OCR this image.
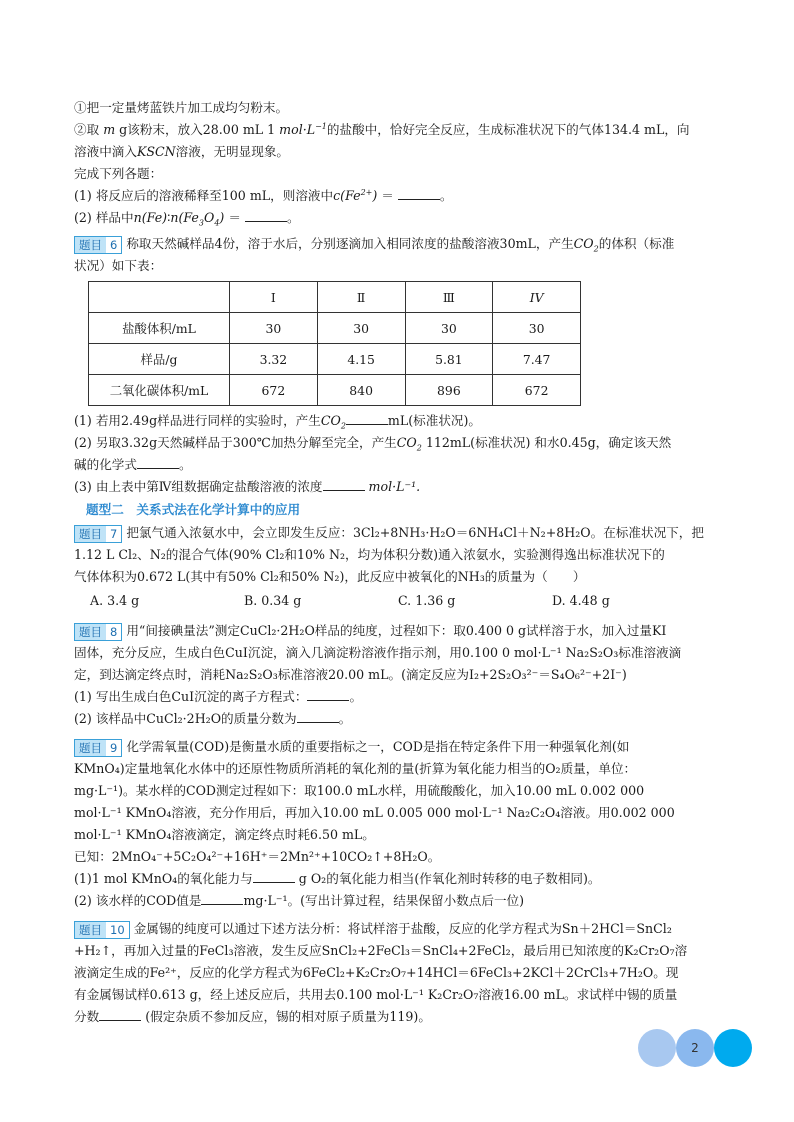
①把一定量烤蓝铁片加工成均匀粉末。

②取 m g该粉末，放入28.00 mL 1 $mol\cdot L^{-1}$的盐酸中，恰好完全反应，生成标准状况下的气体134.4 mL，向

溶液中滴入KSCN溶液，无明显现象。

完成下列各题：

(1) 将反应后的溶液稀释至100 mL，则溶液中$c(Fe^{2+})$ ＝	。

(2) 样品中$n(Fe)∶n(Fe_3O_4)$ ＝	。

题目 6 称取天然碱样品4份，溶于水后，分别逐滴加入相同浓度的盐酸溶液30mL，产生$CO_2$的体积（标准

状况）如下表：

	Ⅰ	Ⅱ	Ⅲ	IV
盐酸体积/mL	30	30	30	30
样品/g	3.32	4.15	5.81	7.47
二氧化碳体积/mL	672	840	896	672

(1) 若用2.49g样品进行同样的实验时，产生$CO_2$	mL(标准状况)。

(2) 另取3.32g天然碱样品于300℃加热分解至完全，产生$CO_2$ 112mL(标准状况) 和水0.45g，确定该天然

碱的化学式	。

(3) 由上表中第Ⅳ组数据确定盐酸溶液的浓度	mol·L⁻¹.

题型二　关系式法在化学计算中的应用

题目 7 把氯气通入浓氨水中，会立即发生反应：3Cl₂+8NH₃·H₂O＝6NH₄Cl＋N₂+8H₂O。在标准状况下，把

1.12 L Cl₂、N₂的混合气体(90% Cl₂和10% N₂，均为体积分数)通入浓氨水，实验测得逸出标准状况下的

气体体积为0.672 L(其中有50% Cl₂和50% N₂)，此反应中被氧化的NH₃的质量为（　　）

A. 3.4 g	B. 0.34 g	C. 1.36 g	D. 4.48 g

题目 8 用“间接碘量法”测定CuCl₂·2H₂O样品的纯度，过程如下：取0.400 0 g试样溶于水，加入过量KI

固体，充分反应，生成白色CuI沉淀，滴入几滴淀粉溶液作指示剂，用0.100 0 mol·L⁻¹ Na₂S₂O₃标准溶液滴

定，到达滴定终点时，消耗Na₂S₂O₃标准溶液20.00 mL。(滴定反应为I₂+2S₂O₃²⁻＝S₄O₆²⁻+2I⁻)

(1) 写出生成白色CuI沉淀的离子方程式：	。

(2) 该样品中CuCl₂·2H₂O的质量分数为	。

题目 9 化学需氧量(COD)是衡量水质的重要指标之一，COD是指在特定条件下用一种强氧化剂(如

KMnO₄)定量地氧化水体中的还原性物质所消耗的氧化剂的量(折算为氧化能力相当的O₂质量，单位：

mg·L⁻¹)。某水样的COD测定过程如下：取100.0 mL水样，用硫酸酸化，加入10.00 mL 0.002 000

mol·L⁻¹ KMnO₄溶液，充分作用后，再加入10.00 mL 0.005 000 mol·L⁻¹ Na₂C₂O₄溶液。用0.002 000

mol·L⁻¹ KMnO₄溶液滴定，滴定终点时耗6.50 mL。

已知：2MnO₄⁻+5C₂O₄²⁻+16H⁺＝2Mn²⁺+10CO₂↑+8H₂O。

(1)1 mol KMnO₄的氧化能力与	g O₂的氧化能力相当(作氧化剂时转移的电子数相同)。

(2) 该水样的COD值是	mg·L⁻¹。(写出计算过程，结果保留小数点后一位)

题目 10 金属锡的纯度可以通过下述方法分析：将试样溶于盐酸，反应的化学方程式为Sn＋2HCl＝SnCl₂

+H₂↑，再加入过量的FeCl₃溶液，发生反应SnCl₂+2FeCl₃＝SnCl₄+2FeCl₂，最后用已知浓度的K₂Cr₂O₇溶

液滴定生成的Fe²⁺，反应的化学方程式为6FeCl₂+K₂Cr₂O₇+14HCl＝6FeCl₃+2KCl＋2CrCl₃+7H₂O。现

有金属锡试样0.613 g，经上述反应后，共用去0.100 mol·L⁻¹ K₂Cr₂O₇溶液16.00 mL。求试样中锡的质量

分数	(假定杂质不参加反应，锡的相对原子质量为119)。

2
